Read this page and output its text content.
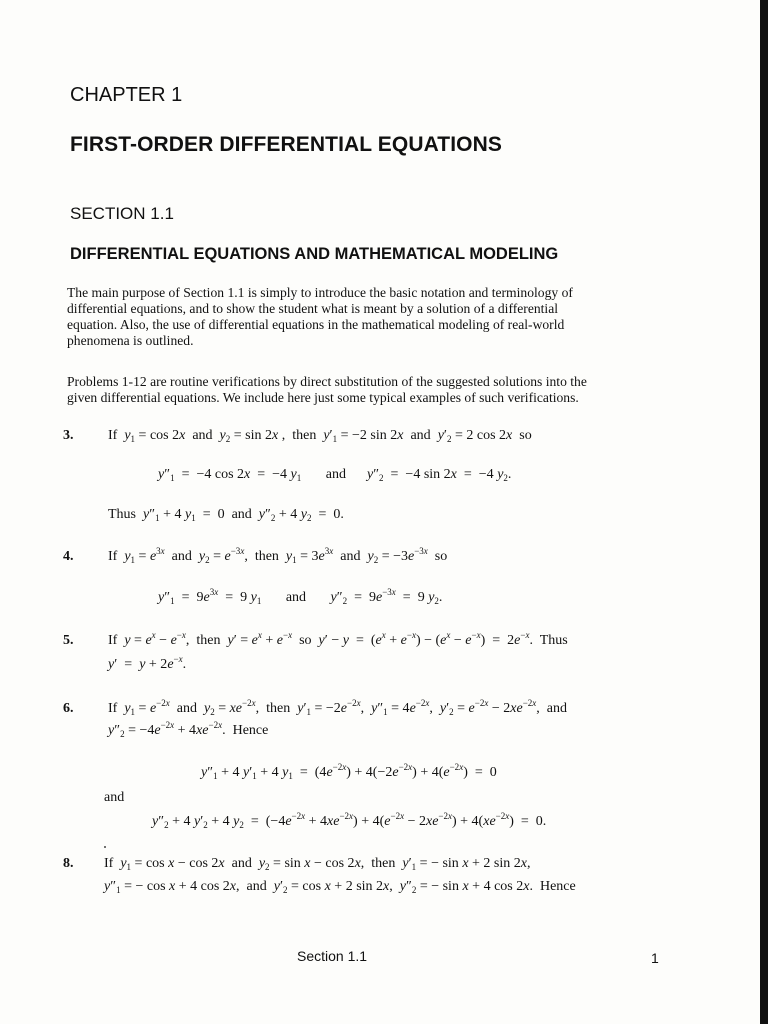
CHAPTER 1
FIRST-ORDER DIFFERENTIAL EQUATIONS
SECTION 1.1
DIFFERENTIAL EQUATIONS AND MATHEMATICAL MODELING
The main purpose of Section 1.1 is simply to introduce the basic notation and terminology of
differential equations, and to show the student what is meant by a solution of a differential
equation. Also, the use of differential equations in the mathematical modeling of real-world
phenomena is outlined.
Problems 1-12 are routine verifications by direct substitution of the suggested solutions into the
given differential equations. We include here just some typical examples of such verifications.
3. If  $y_1 = \cos 2x$  and  $y_2 = \sin 2x$ ,  then  $y'_1 = -2$ sin 2x  and  $y'_2 = 2$ cos 2x  so
$y''_1 = -4$ cos 2x  =  −4 $y_1$       and      $y''_2 = -4$ sin 2x  =  −4 $y_2$.
Thus  $y''_1 + 4$ $y_1 = 0$  and  $y''_2 + 4$ $y_2 = 0$.
4. If  $y_1 = e^{3x}$  and  $y_2 = e^{-3x}$,  then  $y_1 = 3e^{3x}$  and  $y_2 = -3e^{-3x}$  so
$y''_1 = 9e^{3x} = 9$ $y_1$       and       $y''_2 = 9e^{-3x} = 9$ $y_2$.
5. If  $y = e^x - e^{-x}$,  then  $y' = e^x + e^{-x}$  so  $y' - y = (e^x + e^{-x}) - (e^x - e^{-x}) = 2e^{-x}$.  Thus
$y' = y + 2e^{-x}$.
6. If  $y_1 = e^{-2x}$  and  $y_2 = xe^{-2x}$,  then  $y'_1 = -2e^{-2x}$,  $y''_1 = 4e^{-2x}$,  $y'_2 = e^{-2x} - 2xe^{-2x}$,  and
$y''_2 = -4e^{-2x} + 4xe^{-2x}$.  Hence
$y''_1 + 4$ $y'_1 + 4$ $y_1 = (4e^{-2x}) + 4(-2e^{-2x}) + 4(e^{-2x}) = 0$
and
$y''_2 + 4$ $y'_2 + 4$ $y_2 = (-4e^{-2x} + 4xe^{-2x}) + 4(e^{-2x} - 2xe^{-2x}) + 4(xe^{-2x}) = 0$.
8. If  $y_1 = \cos x - \cos 2x$  and  $y_2 = \sin x - \cos 2x$,  then  $y'_1$ = − sin x + 2 sin 2x,
$y''_1$ = − cos x + 4 cos 2x,  and  $y'_2 = \cos x + 2$ sin 2x,  $y''_2$ = − sin x + 4 cos 2x.  Hence
Section 1.1	1
